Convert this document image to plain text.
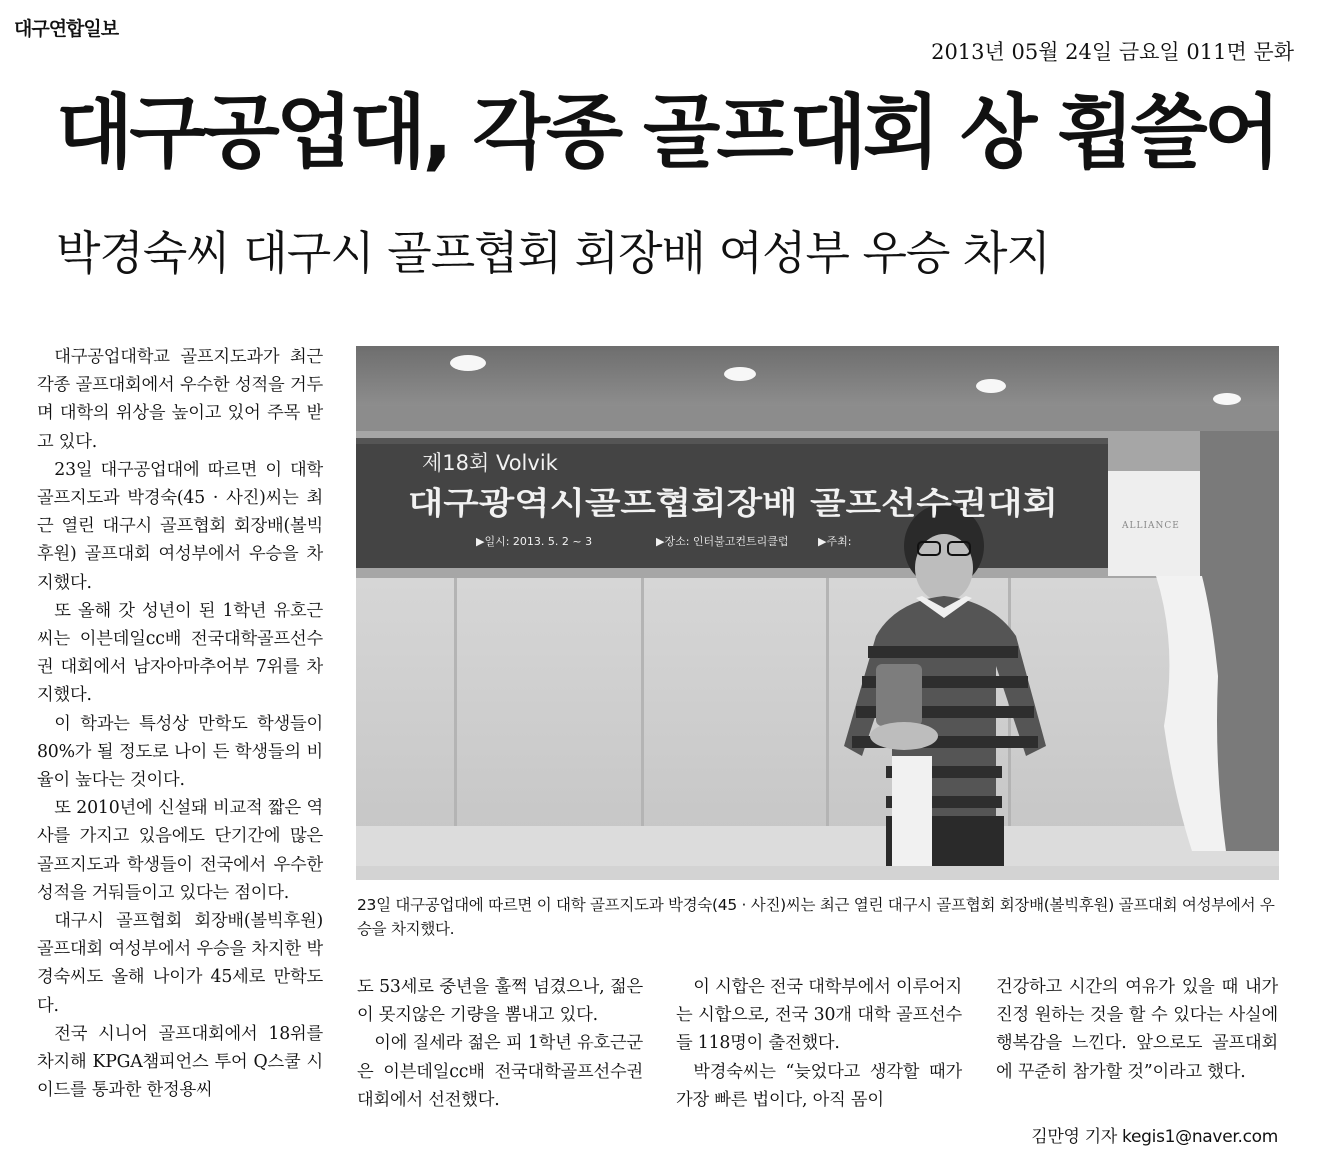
대구연합일보
2013년 05월 24일 금요일 011면 문화
대구공업대, 각종 골프대회 상 휩쓸어
박경숙씨 대구시 골프협회 회장배 여성부 우승 차지

대구공업대학교 골프지도과가 최근 각종 골프대회에서 우수한 성적을 거두며 대학의 위상을 높이고 있어 주목 받고 있다.

23일 대구공업대에 따르면 이 대학 골프지도과 박경숙(45 · 사진)씨는 최근 열린 대구시 골프협회 회장배(볼빅후원) 골프대회 여성부에서 우승을 차지했다.

또 올해 갓 성년이 된 1학년 유호근씨는 이븐데일cc배 전국대학골프선수권 대회에서 남자아마추어부 7위를 차지했다.

이 학과는 특성상 만학도 학생들이 80%가 될 정도로 나이 든 학생들의 비율이 높다는 것이다.

또 2010년에 신설돼 비교적 짧은 역사를 가지고 있음에도 단기간에 많은 골프지도과 학생들이 전국에서 우수한 성적을 거둬들이고 있다는 점이다.

대구시 골프협회 회장배(볼빅후원) 골프대회 여성부에서 우승을 차지한 박경숙씨도 올해 나이가 45세로 만학도다.

전국 시니어 골프대회에서 18위를 차지해 KPGA챔피언스 투어 Q스쿨 시이드를 통과한 한정용씨

제18회 Volvik
대구광역시골프협회장배 골프선수권대회
▶일시: 2013. 5. 2 ~ 3	▶장소: 인터불고컨트리클럽	▶주최:
ALLIANCE
23일 대구공업대에 따르면 이 대학 골프지도과 박경숙(45 · 사진)씨는 최근 열린 대구시 골프협회 회장배(볼빅후원) 골프대회 여성부에서 우승을 차지했다.

도 53세로 중년을 훌쩍 넘겼으나, 젊은이 못지않은 기량을 뽐내고 있다.

이에 질세라 젊은 피 1학년 유호근군은 이븐데일cc배 전국대학골프선수권 대회에서 선전했다.

이 시합은 전국 대학부에서 이루어지는 시합으로, 전국 30개 대학 골프선수들 118명이 출전했다.

박경숙씨는 “늦었다고 생각할 때가 가장 빠른 법이다, 아직 몸이

건강하고 시간의 여유가 있을 때 내가 진정 원하는 것을 할 수 있다는 사실에 행복감을 느낀다. 앞으로도 골프대회에 꾸준히 참가할 것”이라고 했다.

김만영 기자 kegis1@naver.com
